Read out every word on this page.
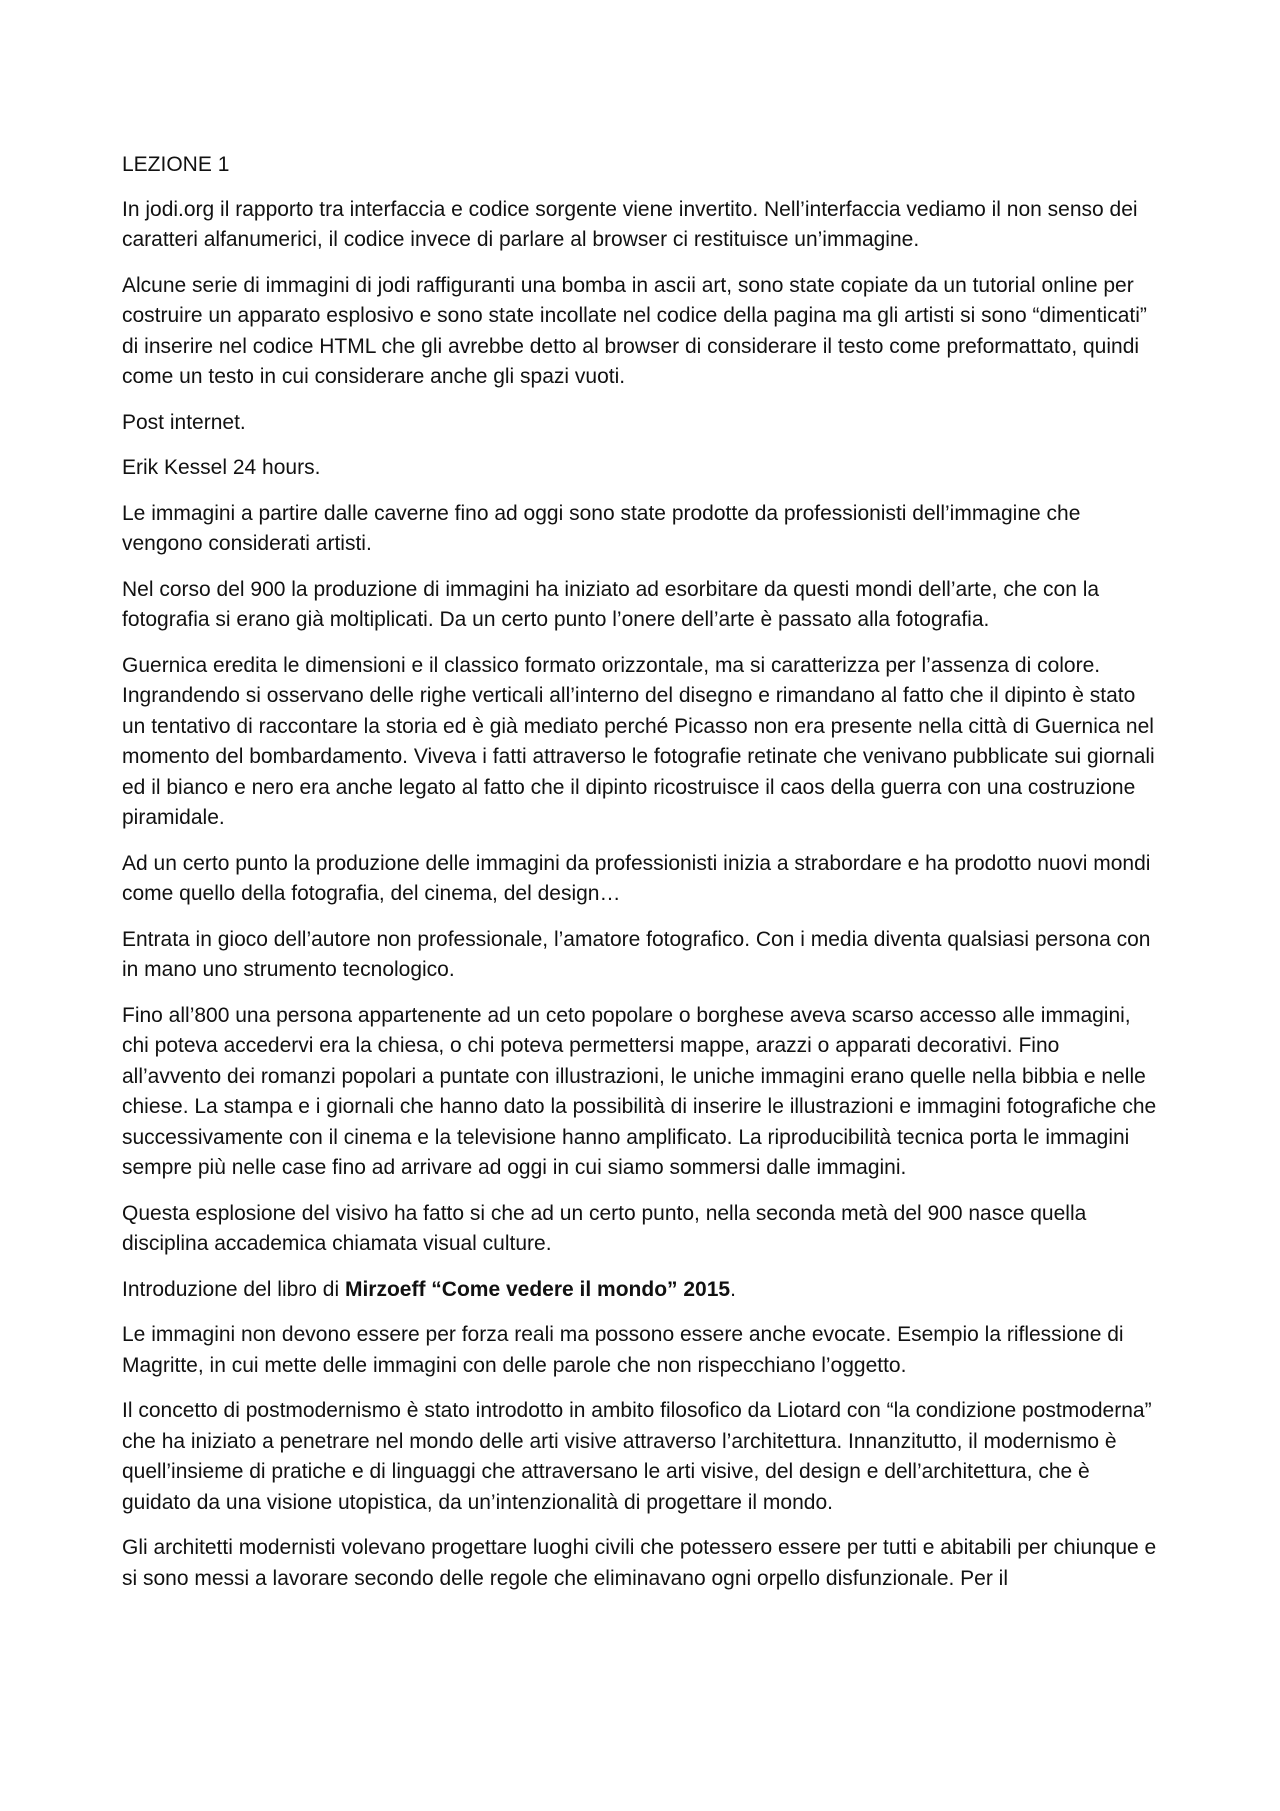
LEZIONE 1

In jodi.org il rapporto tra interfaccia e codice sorgente viene invertito. Nell’interfaccia vediamo il non senso dei caratteri alfanumerici, il codice invece di parlare al browser ci restituisce un’immagine.

Alcune serie di immagini di jodi raffiguranti una bomba in ascii art, sono state copiate da un tutorial online per costruire un apparato esplosivo e sono state incollate nel codice della pagina ma gli artisti si sono “dimenticati” di inserire nel codice HTML che gli avrebbe detto al browser di considerare il testo come preformattato, quindi come un testo in cui considerare anche gli spazi vuoti.

Post internet.

Erik Kessel 24 hours.

Le immagini a partire dalle caverne fino ad oggi sono state prodotte da professionisti dell’immagine che vengono considerati artisti.

Nel corso del 900 la produzione di immagini ha iniziato ad esorbitare da questi mondi dell’arte, che con la fotografia si erano già moltiplicati. Da un certo punto l’onere dell’arte è passato alla fotografia.

Guernica eredita le dimensioni e il classico formato orizzontale, ma si caratterizza per l’assenza di colore. Ingrandendo si osservano delle righe verticali all’interno del disegno e rimandano al fatto che il dipinto è stato un tentativo di raccontare la storia ed è già mediato perché Picasso non era presente nella città di Guernica nel momento del bombardamento. Viveva i fatti attraverso le fotografie retinate che venivano pubblicate sui giornali ed il bianco e nero era anche legato al fatto che il dipinto ricostruisce il caos della guerra con una costruzione piramidale.

Ad un certo punto la produzione delle immagini da professionisti inizia a strabordare e ha prodotto nuovi mondi come quello della fotografia, del cinema, del design…

Entrata in gioco dell’autore non professionale, l’amatore fotografico. Con i media diventa qualsiasi persona con in mano uno strumento tecnologico.

Fino all’800 una persona appartenente ad un ceto popolare o borghese aveva scarso accesso alle immagini, chi poteva accedervi era la chiesa, o chi poteva permettersi mappe, arazzi o apparati decorativi. Fino all’avvento dei romanzi popolari a puntate con illustrazioni, le uniche immagini erano quelle nella bibbia e nelle chiese. La stampa e i giornali che hanno dato la possibilità di inserire le illustrazioni e immagini fotografiche che successivamente con il cinema e la televisione hanno amplificato. La riproducibilità tecnica porta le immagini sempre più nelle case fino ad arrivare ad oggi in cui siamo sommersi dalle immagini.

Questa esplosione del visivo ha fatto si che ad un certo punto, nella seconda metà del 900 nasce quella disciplina accademica chiamata visual culture.

Introduzione del libro di Mirzoeff “Come vedere il mondo” 2015.

Le immagini non devono essere per forza reali ma possono essere anche evocate. Esempio la riflessione di Magritte, in cui mette delle immagini con delle parole che non rispecchiano l’oggetto.

Il concetto di postmodernismo è stato introdotto in ambito filosofico da Liotard con “la condizione postmoderna” che ha iniziato a penetrare nel mondo delle arti visive attraverso l’architettura. Innanzitutto, il modernismo è quell’insieme di pratiche e di linguaggi che attraversano le arti visive, del design e dell’architettura, che è guidato da una visione utopistica, da un’intenzionalità di progettare il mondo.

Gli architetti modernisti volevano progettare luoghi civili che potessero essere per tutti e abitabili per chiunque e si sono messi a lavorare secondo delle regole che eliminavano ogni orpello disfunzionale. Per il
